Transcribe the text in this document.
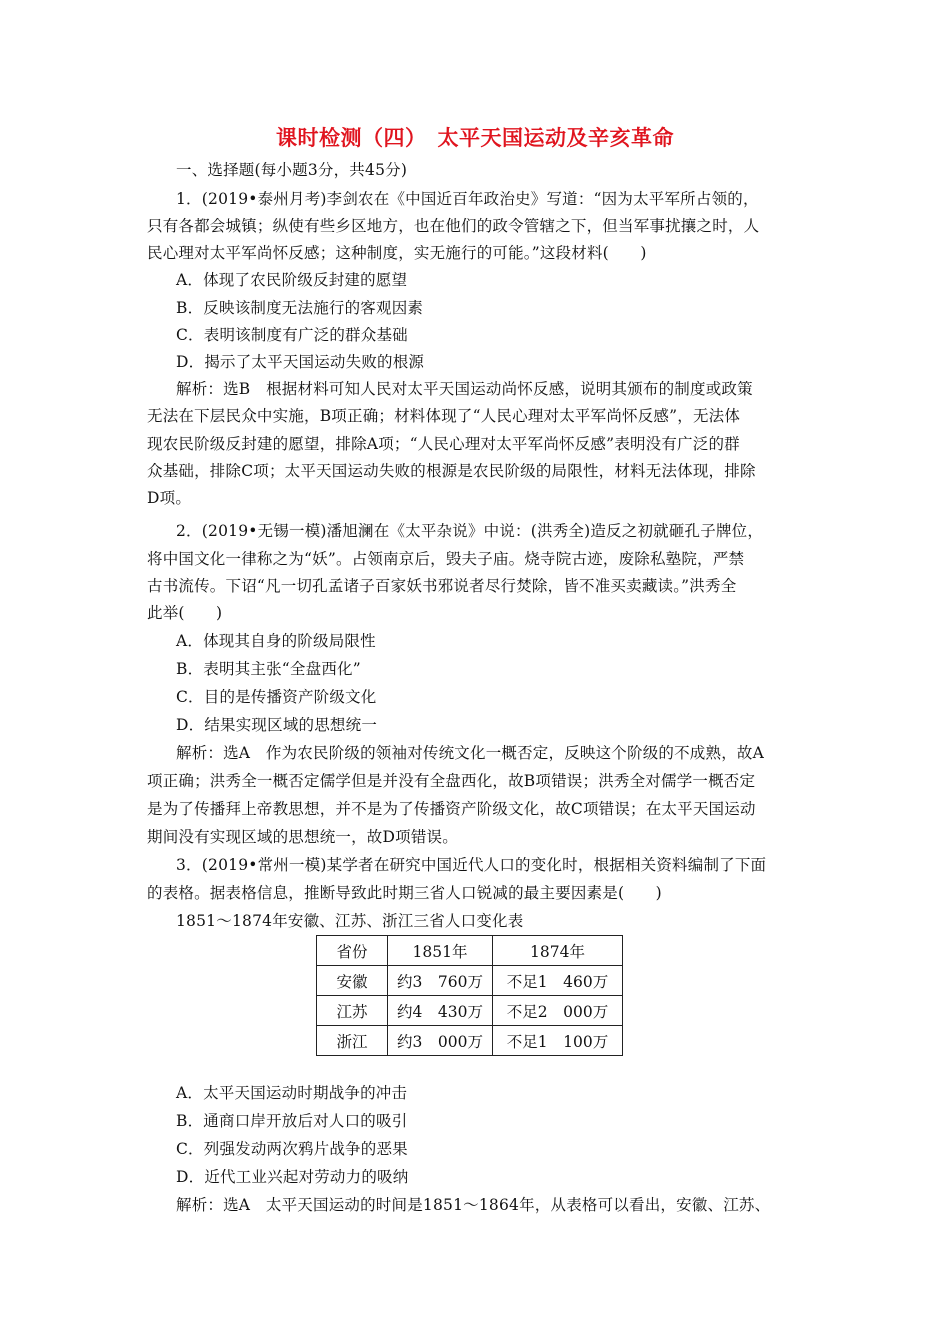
课时检测（四）　太平天国运动及辛亥革命
一、选择题(每小题3分，共45分)
1．(2019•泰州月考)李剑农在《中国近百年政治史》写道：“因为太平军所占领的，
只有各都会城镇；纵使有些乡区地方，也在他们的政令管辖之下，但当军事扰攘之时，人
民心理对太平军尚怀反感；这种制度，实无施行的可能。”这段材料(　　)
A．体现了农民阶级反封建的愿望
B．反映该制度无法施行的客观因素
C．表明该制度有广泛的群众基础
D．揭示了太平天国运动失败的根源
解析：选B　根据材料可知人民对太平天国运动尚怀反感，说明其颁布的制度或政策
无法在下层民众中实施，B项正确；材料体现了“人民心理对太平军尚怀反感”，无法体
现农民阶级反封建的愿望，排除A项；“人民心理对太平军尚怀反感”表明没有广泛的群
众基础，排除C项；太平天国运动失败的根源是农民阶级的局限性，材料无法体现，排除
D项。
2．(2019•无锡一模)潘旭澜在《太平杂说》中说：(洪秀全)造反之初就砸孔子牌位，
将中国文化一律称之为“妖”。占领南京后，毁夫子庙。烧寺院古迹，废除私塾院，严禁
古书流传。下诏“凡一切孔孟诸子百家妖书邪说者尽行焚除，皆不准买卖藏读。”洪秀全
此举(　　)
A．体现其自身的阶级局限性
B．表明其主张“全盘西化”
C．目的是传播资产阶级文化
D．结果实现区域的思想统一
解析：选A　作为农民阶级的领袖对传统文化一概否定，反映这个阶级的不成熟，故A
项正确；洪秀全一概否定儒学但是并没有全盘西化，故B项错误；洪秀全对儒学一概否定
是为了传播拜上帝教思想，并不是为了传播资产阶级文化，故C项错误；在太平天国运动
期间没有实现区域的思想统一，故D项错误。
3．(2019•常州一模)某学者在研究中国近代人口的变化时，根据相关资料编制了下面
的表格。据表格信息，推断导致此时期三省人口锐减的最主要因素是(　　)
1851～1874年安徽、江苏、浙江三省人口变化表
省份	1851年	1874年
安徽	约3　760万	不足1　460万
江苏	约4　430万	不足2　000万
浙江	约3　000万	不足1　100万
A．太平天国运动时期战争的冲击
B．通商口岸开放后对人口的吸引
C．列强发动两次鸦片战争的恶果
D．近代工业兴起对劳动力的吸纳
解析：选A　太平天国运动的时间是1851～1864年，从表格可以看出，安徽、江苏、
